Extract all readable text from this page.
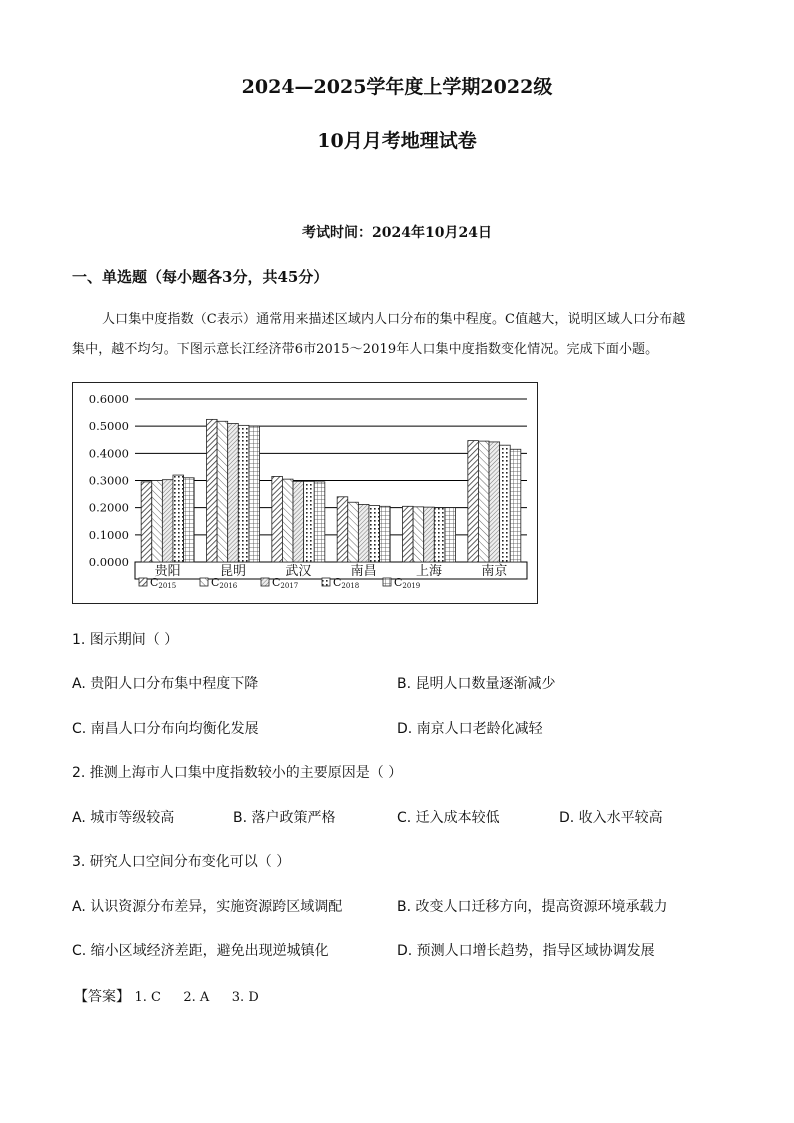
2024—2025学年度上学期2022级
10月月考地理试卷
考试时间：2024年10月24日
一、单选题（每小题各3分，共45分）
人口集中度指数（C表示）通常用来描述区域内人口分布的集中程度。C值越大，说明区域人口分布越
集中，越不均匀。下图示意长江经济带6市2015～2019年人口集中度指数变化情况。完成下面小题。
0.6000
0.5000
0.4000
0.3000
0.2000
0.1000
0.0000
贵阳	昆明	武汉	南昌	上海	南京
C2015	C2016	C2017	C2018	C2019
1. 图示期间（ ）
A. 贵阳人口分布集中程度下降	B. 昆明人口数量逐渐减少
C. 南昌人口分布向均衡化发展	D. 南京人口老龄化减轻
2. 推测上海市人口集中度指数较小的主要原因是（ ）
A. 城市等级较高	B. 落户政策严格	C. 迁入成本较低	D. 收入水平较高
3. 研究人口空间分布变化可以（ ）
A. 认识资源分布差异，实施资源跨区域调配	B. 改变人口迁移方向，提高资源环境承载力
C. 缩小区域经济差距，避免出现逆城镇化	D. 预测人口增长趋势，指导区域协调发展
【答案】 1. C 2. A 3. D
